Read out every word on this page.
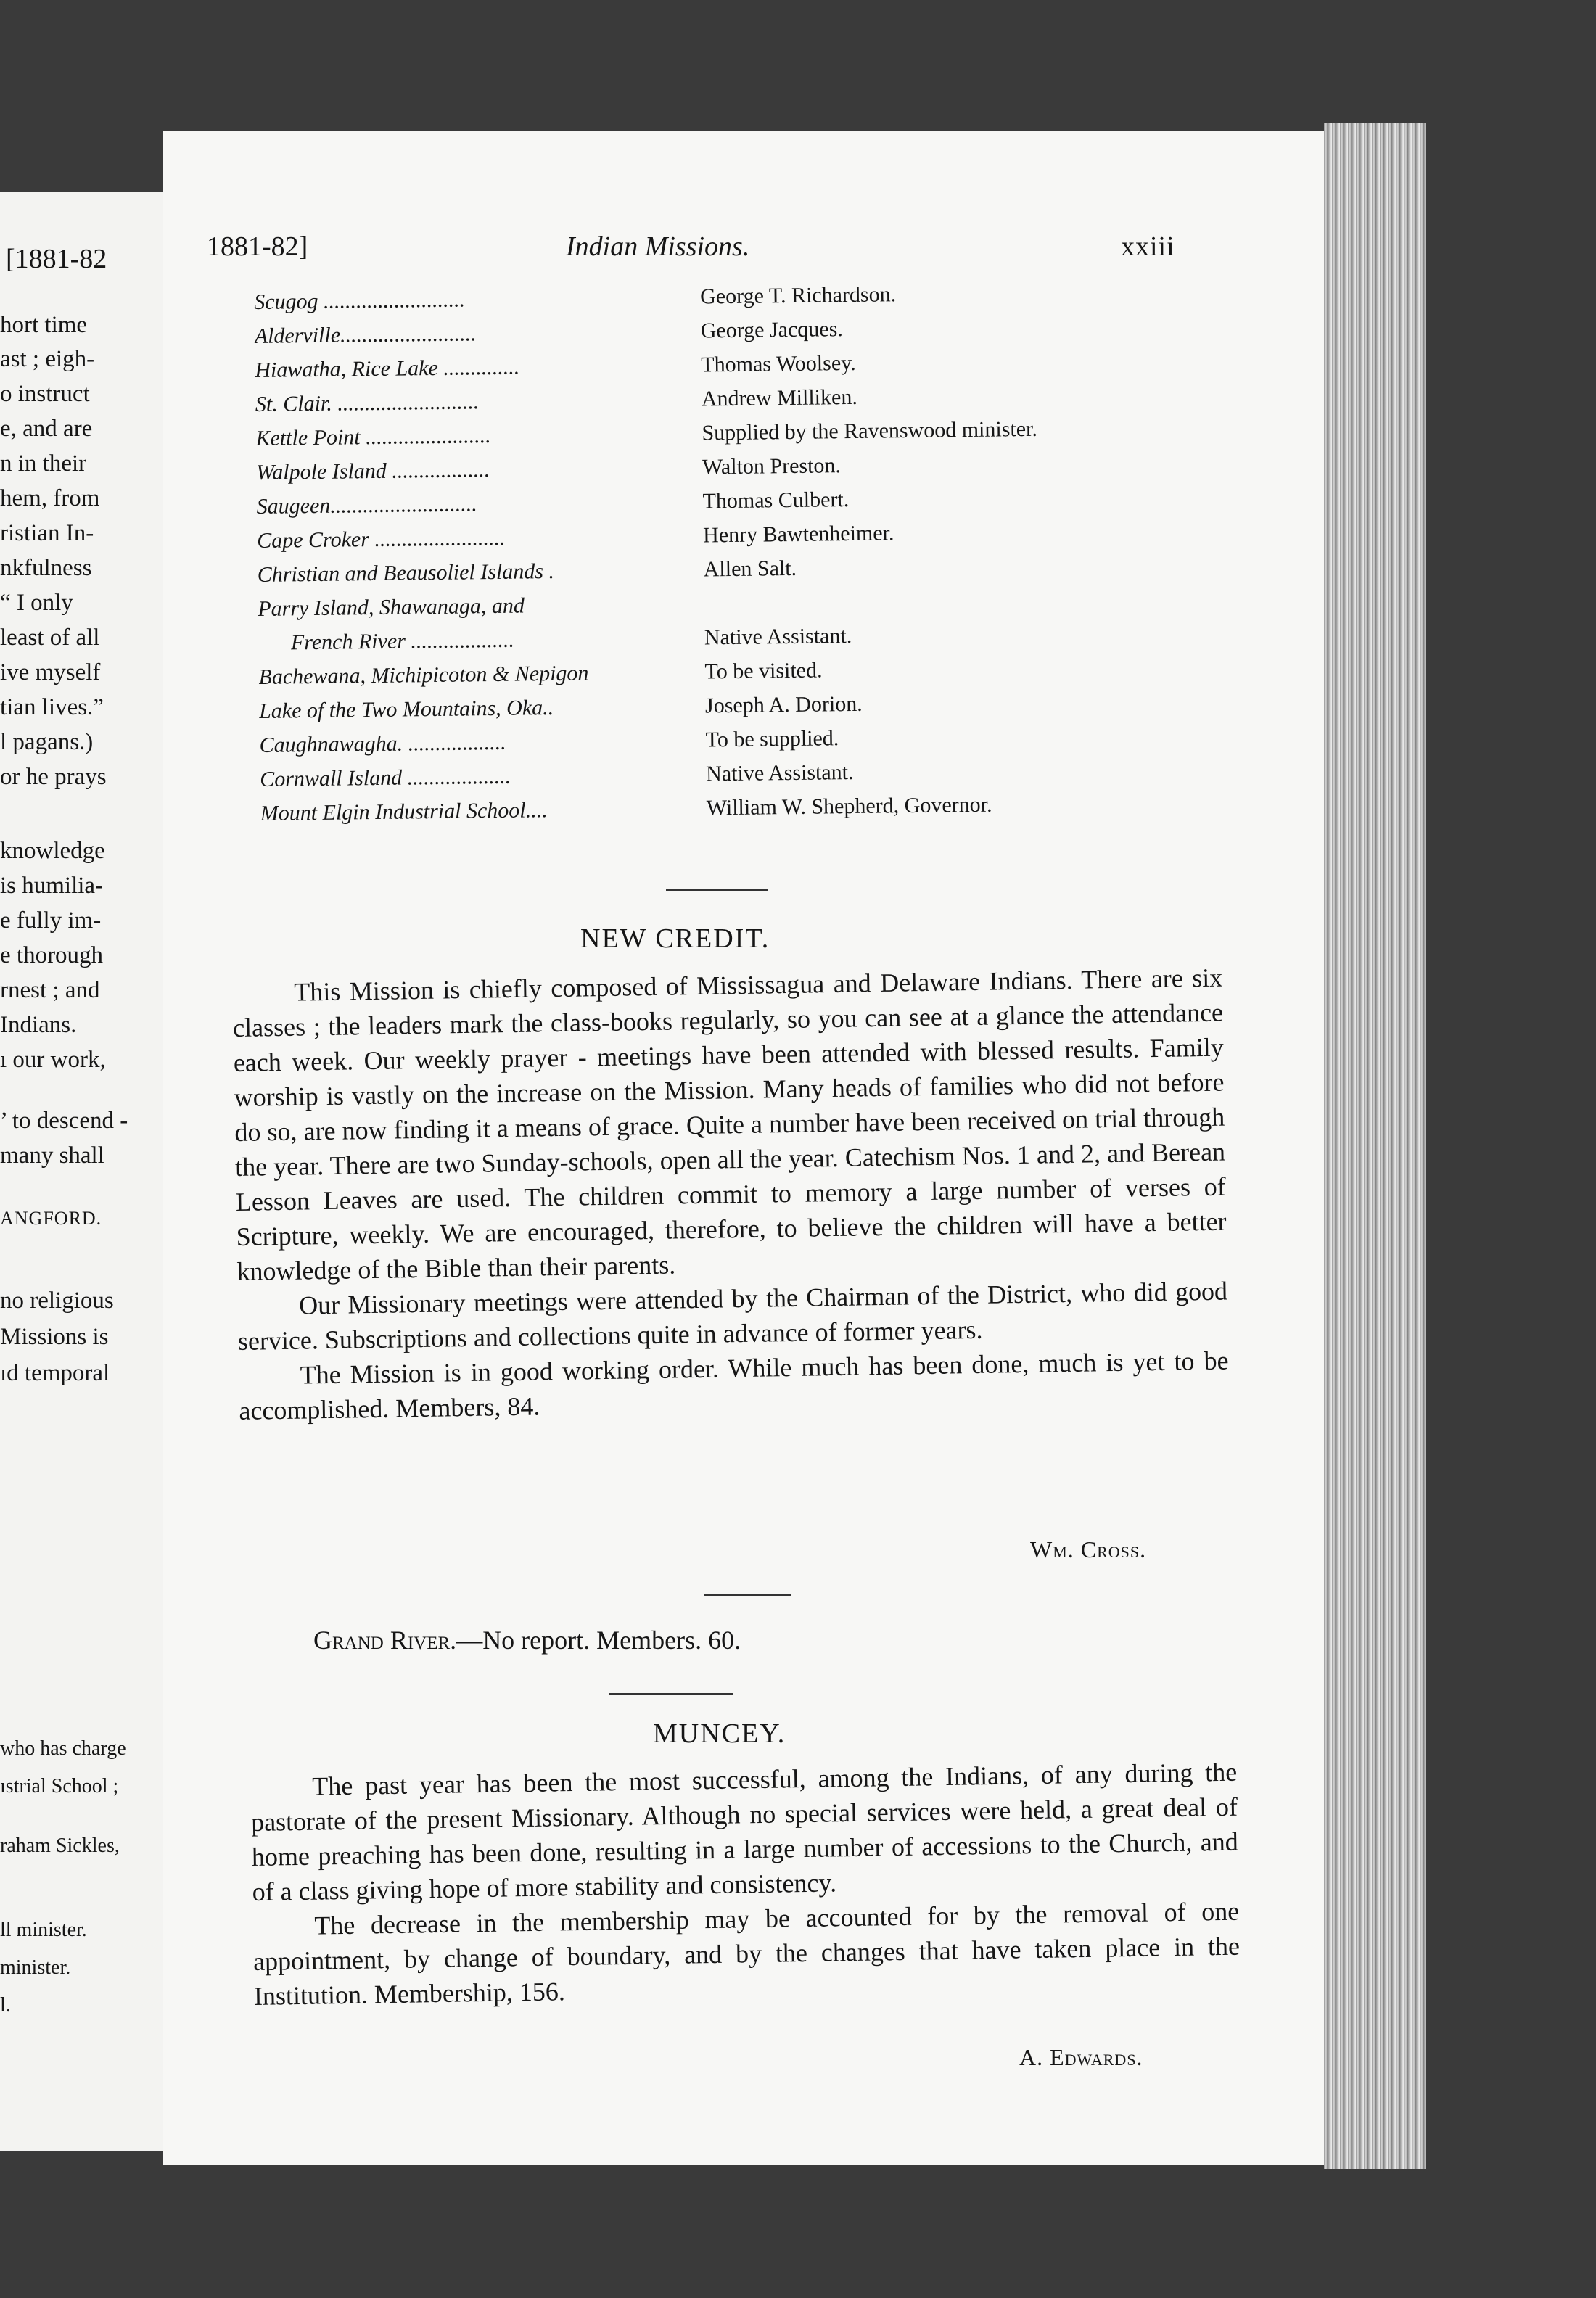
[1881-82
hort time
ast ; eigh-
o instruct
e, and are
n in their
hem, from
ristian In-
nkfulness
“ I only
least of all
ive myself
tian lives.”
l pagans.)
or he prays
knowledge
is humilia-
e fully im-
e thorough
rnest ; and
Indians.
ı our work,
’ to descend -
many shall
ANGFORD.
no religious
Missions is
ıd temporal
who has charge
ıstrial School ;
raham Sickles,
ll minister.
minister.
l.
1881-82]	Indian Missions.	xxiii
Scugog ..........................	George T. Richardson.
Alderville.........................	George Jacques.
Hiawatha, Rice Lake ..............	Thomas Woolsey.
St. Clair. ..........................	Andrew Milliken.
Kettle Point .......................	Supplied by the Ravenswood minister.
Walpole Island ..................	Walton Preston.
Saugeen...........................	Thomas Culbert.
Cape Croker ........................	Henry Bawtenheimer.
Christian and Beausoliel Islands .	Allen Salt.
Parry Island, Shawanaga, and
French River ...................	Native Assistant.
Bachewana, Michipicoton & Nepigon	To be visited.
Lake of the Two Mountains, Oka..	Joseph A. Dorion.
Caughnawagha. ..................	To be supplied.
Cornwall Island ...................	Native Assistant.
Mount Elgin Industrial School....	William W. Shepherd, Governor.
NEW CREDIT.

This Mission is chiefly composed of Mississagua and Delaware Indians. There are six classes ; the leaders mark the class-books regularly, so you can see at a glance the attendance each week. Our weekly prayer - meetings have been attended with blessed results. Family worship is vastly on the increase on the Mission. Many heads of families who did not before do so, are now finding it a means of grace. Quite a number have been received on trial through the year. There are two Sunday-schools, open all the year. Catechism Nos. 1 and 2, and Berean Lesson Leaves are used. The children commit to memory a large number of verses of Scripture, weekly. We are encouraged, therefore, to believe the children will have a better knowledge of the Bible than their parents.

Our Missionary meetings were attended by the Chairman of the District, who did good service. Subscriptions and collections quite in advance of former years.

The Mission is in good working order. While much has been done, much is yet to be accomplished. Members, 84.

Wm. Cross.
Grand River.—No report. Members. 60.
MUNCEY.

The past year has been the most successful, among the Indians, of any during the pastorate of the present Missionary. Although no special services were held, a great deal of home preaching has been done, resulting in a large number of accessions to the Church, and of a class giving hope of more stability and consistency.

The decrease in the membership may be accounted for by the removal of one appointment, by change of boundary, and by the changes that have taken place in the Institution. Membership, 156.

A. Edwards.
